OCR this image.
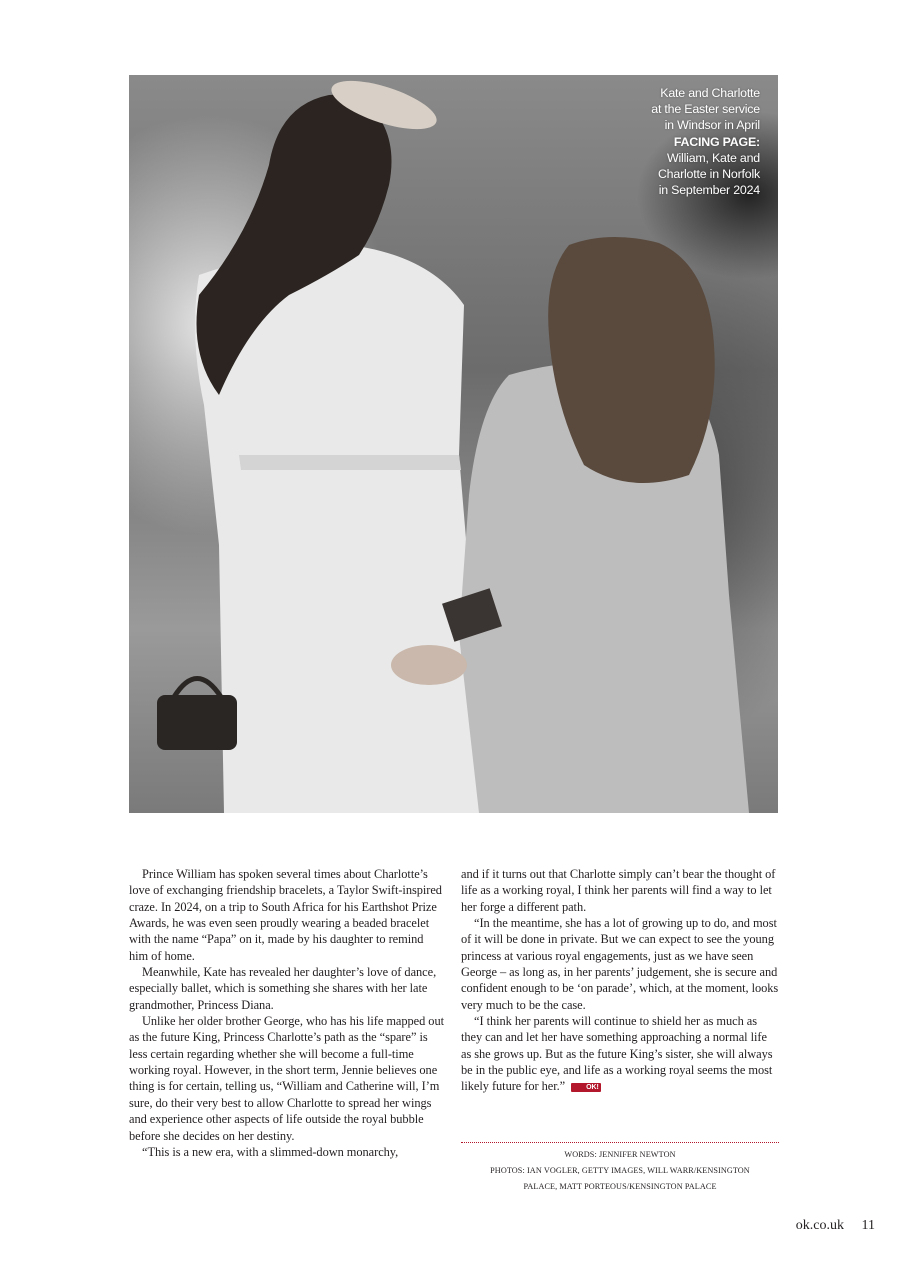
Kate and Charlotte
at the Easter service
in Windsor in April
FACING PAGE:
William, Kate and
Charlotte in Norfolk
in September 2024

Prince William has spoken several times about Charlotte’s love of exchanging friendship bracelets, a Taylor Swift-inspired craze. In 2024, on a trip to South Africa for his Earthshot Prize Awards, he was even seen proudly wearing a beaded bracelet with the name “Papa” on it, made by his daughter to remind him of home.

Meanwhile, Kate has revealed her daughter’s love of dance, especially ballet, which is something she shares with her late grandmother, Princess Diana.

Unlike her older brother George, who has his life mapped out as the future King, Princess Charlotte’s path as the “spare” is less certain regarding whether she will become a full-time working royal. However, in the short term, Jennie believes one thing is for certain, telling us, “William and Catherine will, I’m sure, do their very best to allow Charlotte to spread her wings and experience other aspects of life outside the royal bubble before she decides on her destiny.

“This is a new era, with a slimmed-down monarchy,

and if it turns out that Charlotte simply can’t bear the thought of life as a working royal, I think her parents will find a way to let her forge a different path.

“In the meantime, she has a lot of growing up to do, and most of it will be done in private. But we can expect to see the young princess at various royal engagements, just as we have seen George – as long as, in her parents’ judgement, she is secure and confident enough to be ‘on parade’, which, at the moment, looks very much to be the case.

“I think her parents will continue to shield her as much as they can and let her have something approaching a normal life as she grows up. But as the future King’s sister, she will always be in the public eye, and life as a working royal seems the most likely future for her.”	OK!

WORDS: JENNIFER NEWTON
PHOTOS: IAN VOGLER, GETTY IMAGES, WILL WARR/KENSINGTON
PALACE, MATT PORTEOUS/KENSINGTON PALACE
ok.co.uk 11
